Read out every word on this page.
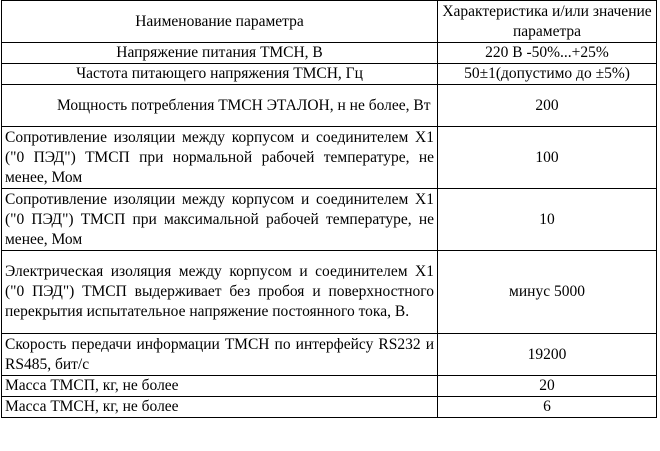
Наименование параметра	Характеристика и/или значение параметра
Напряжение питания ТМСН, В	220 В -50%...+25%
Частота питающего напряжения ТМСН, Гц	50±1(допустимо до ±5%)
Мощность потребления ТМСН ЭТАЛОН, н не более, Вт	200
Сопротивление изоляции между корпусом и соединителем X1 ("0 ПЭД") ТМСП при нормальной рабочей температуре, не менее, Мом	100
Сопротивление изоляции между корпусом и соединителем X1 ("0 ПЭД") ТМСП при максимальной рабочей температуре, не менее, Мом	10
Электрическая изоляция между корпусом и соединителем X1 ("0 ПЭД") ТМСП выдерживает без пробоя и поверхностного перекрытия испытательное напряжение постоянного тока, В.	минус 5000
Скорость передачи информации ТМСН по интерфейсу RS232 и RS485, бит/с	19200
Масса ТМСП, кг, не более	20
Масса ТМСН, кг, не более	6
